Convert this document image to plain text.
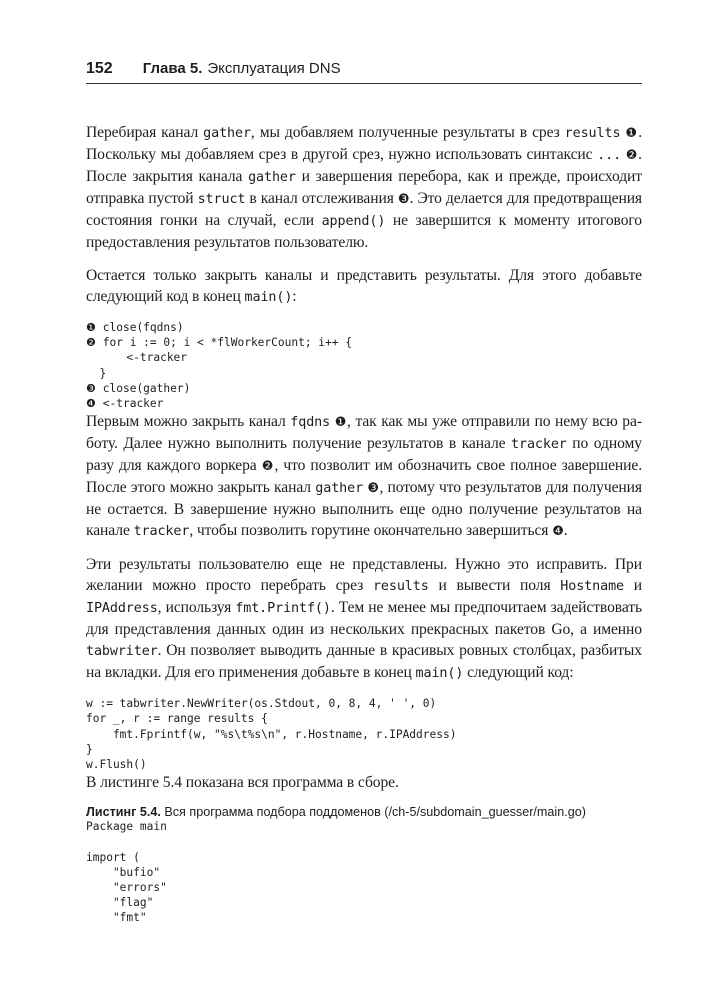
152 Глава 5. Эксплуатация DNS

Перебирая канал gather, мы добавляем полученные результаты в срез results ❶. Поскольку мы добавляем срез в другой срез, нужно использовать синтаксис ... ❷. После закрытия канала gather и завершения перебора, как и прежде, происходит отправка пустой struct в канал отслеживания ❸. Это делается для предотвращения состояния гонки на случай, если append() не завершится к моменту итогового предоставления результатов пользователю.

Остается только закрыть каналы и представить результаты. Для этого добавьте следующий код в конец main():

❶ close(fqdns)
❷ for i := 0; i < *flWorkerCount; i++ {
<-tracker
}
❸ close(gather)
❹ <-tracker

Первым можно закрыть канал fqdns ❶, так как мы уже отправили по нему всю работу. Далее нужно выполнить получение результатов в канале tracker по одному разу для каждого воркера ❷, что позволит им обозначить свое полное завершение. После этого можно закрыть канал gather ❸, потому что результатов для получения не остается. В завершение нужно выполнить еще одно получение результатов на канале tracker, чтобы позволить горутине окончательно завершиться ❹.

Эти результаты пользователю еще не представлены. Нужно это исправить. При желании можно просто перебрать срез results и вывести поля Hostname и IPAddress, используя fmt.Printf(). Тем не менее мы предпочитаем задействовать для представления данных один из нескольких прекрасных пакетов Go, а именно tabwriter. Он позволяет выводить данные в красивых ровных столбцах, разбитых на вкладки. Для его применения добавьте в конец main() следующий код:

w := tabwriter.NewWriter(os.Stdout, 0, 8, 4, ' ', 0)
for _, r := range results {
fmt.Fprintf(w, "%s\t%s\n", r.Hostname, r.IPAddress)
}
w.Flush()

В листинге 5.4 показана вся программа в сборе.

Листинг 5.4. Вся программа подбора поддоменов (/ch-5/subdomain_guesser/main.go)
Package main

import (
"bufio"
"errors"
"flag"
"fmt"
